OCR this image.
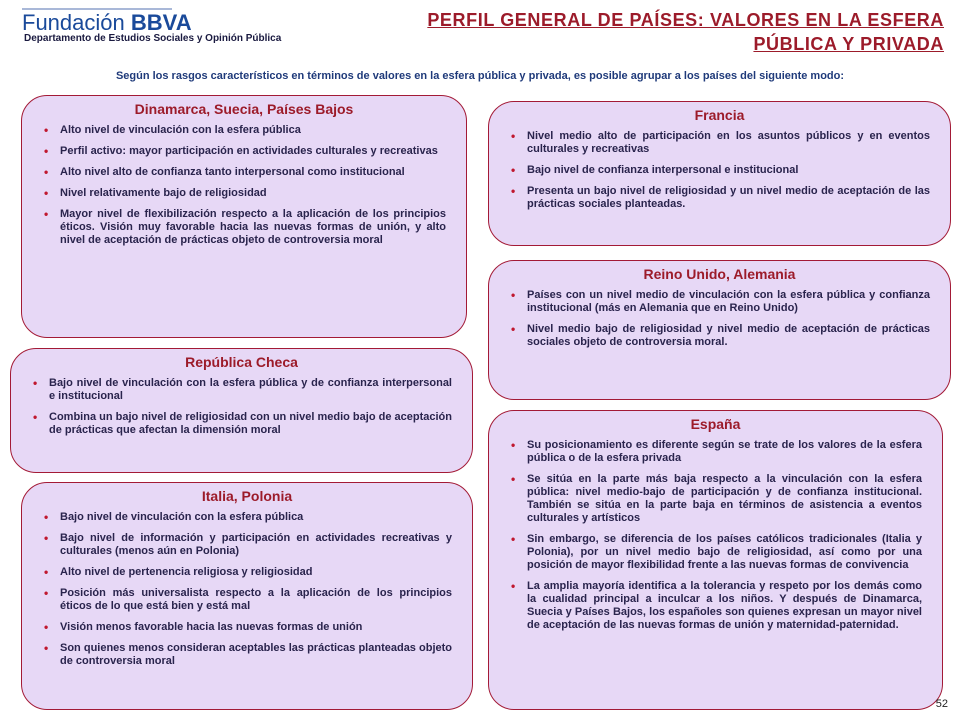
Fundación BBVA
Departamento de Estudios Sociales y Opinión Pública
PERFIL GENERAL DE PAÍSES: VALORES EN LA ESFERA PÚBLICA Y PRIVADA
Según los rasgos característicos en términos de valores en la esfera pública y privada, es posible agrupar a los países del siguiente modo:
Dinamarca, Suecia, Países Bajos
• Alto nivel de vinculación con la esfera pública
• Perfil activo: mayor participación en actividades culturales y recreativas
• Alto nivel alto de confianza tanto interpersonal como institucional
• Nivel relativamente bajo de religiosidad
• Mayor nivel de flexibilización respecto a la aplicación de los principios éticos. Visión muy favorable hacia las nuevas formas de unión, y alto nivel de aceptación de prácticas objeto de controversia moral
Francia
• Nivel medio alto de participación en los asuntos públicos y en eventos culturales y recreativas
• Bajo nivel de confianza interpersonal e institucional
• Presenta un bajo nivel de religiosidad y un nivel medio de aceptación de las prácticas sociales planteadas.
Reino Unido, Alemania
• Países con un nivel medio de vinculación con la esfera pública y confianza institucional (más en Alemania que en Reino Unido)
• Nivel medio bajo de religiosidad y nivel medio de aceptación de prácticas sociales objeto de controversia moral.
República Checa
• Bajo nivel de vinculación con la esfera pública y de confianza interpersonal e institucional
• Combina un bajo nivel de religiosidad con un nivel medio bajo de aceptación de prácticas que afectan la dimensión moral	España
• Su posicionamiento es diferente según se trate de los valores de la esfera pública o de la esfera privada
• Se sitúa en la parte más baja respecto a la vinculación con la esfera pública: nivel medio-bajo de participación y de confianza institucional. También se sitúa en la parte baja en términos de asistencia a eventos culturales y artísticos
• Sin embargo, se diferencia de los países católicos tradicionales (Italia y Polonia), por un nivel medio bajo de religiosidad, así como por una posición de mayor flexibilidad frente a las nuevas formas de convivencia
• La amplia mayoría identifica a la tolerancia y respeto por los demás como la cualidad principal a inculcar a los niños. Y después de Dinamarca, Suecia y Países Bajos, los españoles son quienes expresan un mayor nivel de aceptación de las nuevas formas de unión y maternidad-paternidad.
Italia, Polonia
• Bajo nivel de vinculación con la esfera pública
• Bajo nivel de información y participación en actividades recreativas y culturales (menos aún en Polonia)
• Alto nivel de pertenencia religiosa y religiosidad
• Posición más universalista respecto a la aplicación de los principios éticos de lo que está bien y está mal
• Visión menos favorable hacia las nuevas formas de unión
• Son quienes menos consideran aceptables las prácticas planteadas objeto de controversia moral
52
